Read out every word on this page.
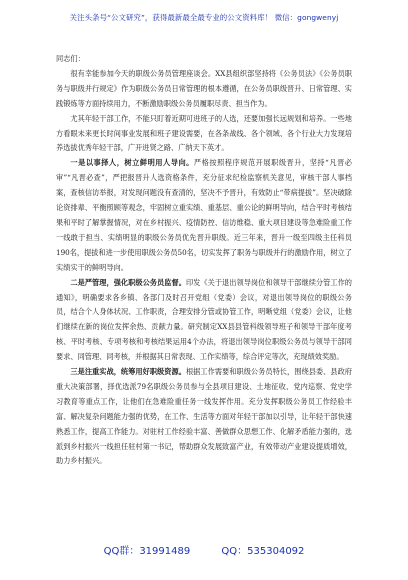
关注头条号“公文研究”，获得最新最全最专业的公文资料库！ 微信：gongwenyj

同志们：

很有幸能参加今天的职级公务员管理座谈会。XX县组织部坚持将《公务员法》《公务员职务与职级并行规定》作为职级公务员日常管理的根本遵循，在公务员职级晋升、日常管理、实践锻炼等方面持续用力，不断激励职级公务员履职尽责、担当作为。

尤其年轻干部工作，不能只盯着近期可进班子的人选，还要加强长远规划和培养。一些地方看眼未来更长时间事业发展和班子建设需要，在各条战线、各个领域、各个行业大力发现培养选拔优秀年轻干部，广开进贤之路、广纳天下英才。

一是以事择人，树立鲜明用人导向。严格按照程序规范开展职级晋升，坚持“凡晋必审”“凡晋必查”，严把报晋升人选资格条件，充分征求纪检监察机关意见，审核干部人事档案，查核信访举报，对发现问题没有查清的，坚决不予晋升，有效防止“带病提拔”。坚决破除论资排辈、平衡照顾等观念，牢固树立重实绩、重基层、重公论的鲜明导向，结合平时考核结果和平时了解掌握情况，对在乡村振兴、疫情防控、信访维稳、重大项目建设等急难险重工作一线敢于担当、实绩明显的职级公务员优先晋升职级。近三年来，晋升一级至四级主任科员190名，提拔和进一步使用职级公务员50名，切实发挥了职务与职级并行的激励作用，树立了实绩实干的鲜明导向。

二是严管理，强化职级公务员监督。印发《关于退出领导岗位和领导干部继续分管工作的通知》，明确要求各乡镇、各部门及时召开党组（党委）会议，对退出领导岗位的职级公务员，结合个人身体状况、工作职责，合理安排分管或协管工作，明晰党组（党委）会议，让他们继续在新的岗位发挥余热、贡献力量。研究制定XX县县管科级领导班子和领导干部年度考核、平时考核、专项考核和考核结果运用4个办法，将退出领导岗位职级公务员与领导干部同要求、同管理、同考核，并根据其日常表现、工作实绩等，综合评定等次，充现绩效奖励。

三是注重实战，统筹用好职级资源。根据工作需要和职级公务员特长，围绕县委、县政府重大决策部署，择优选派79名职级公务员参与全县项目建设、土地征收、党内巡察、党史学习教育等重点工作，让他们在急难险重任务一线发挥作用。充分发挥职级公务员工作经验丰富、解决复杂问题能力强的优势，在工作、生活等方面对年轻干部加以引导，让年轻干部快速熟悉工作，提高工作能力。对驻村工作经验丰富、善做群众思想工作、化解矛盾能力强的，选派到乡村振兴一线担任驻村第一书记，帮助群众发展致富产业，有效带动产业建设提质增效，助力乡村振兴。

QQ群：31991489	QQ：535304092
